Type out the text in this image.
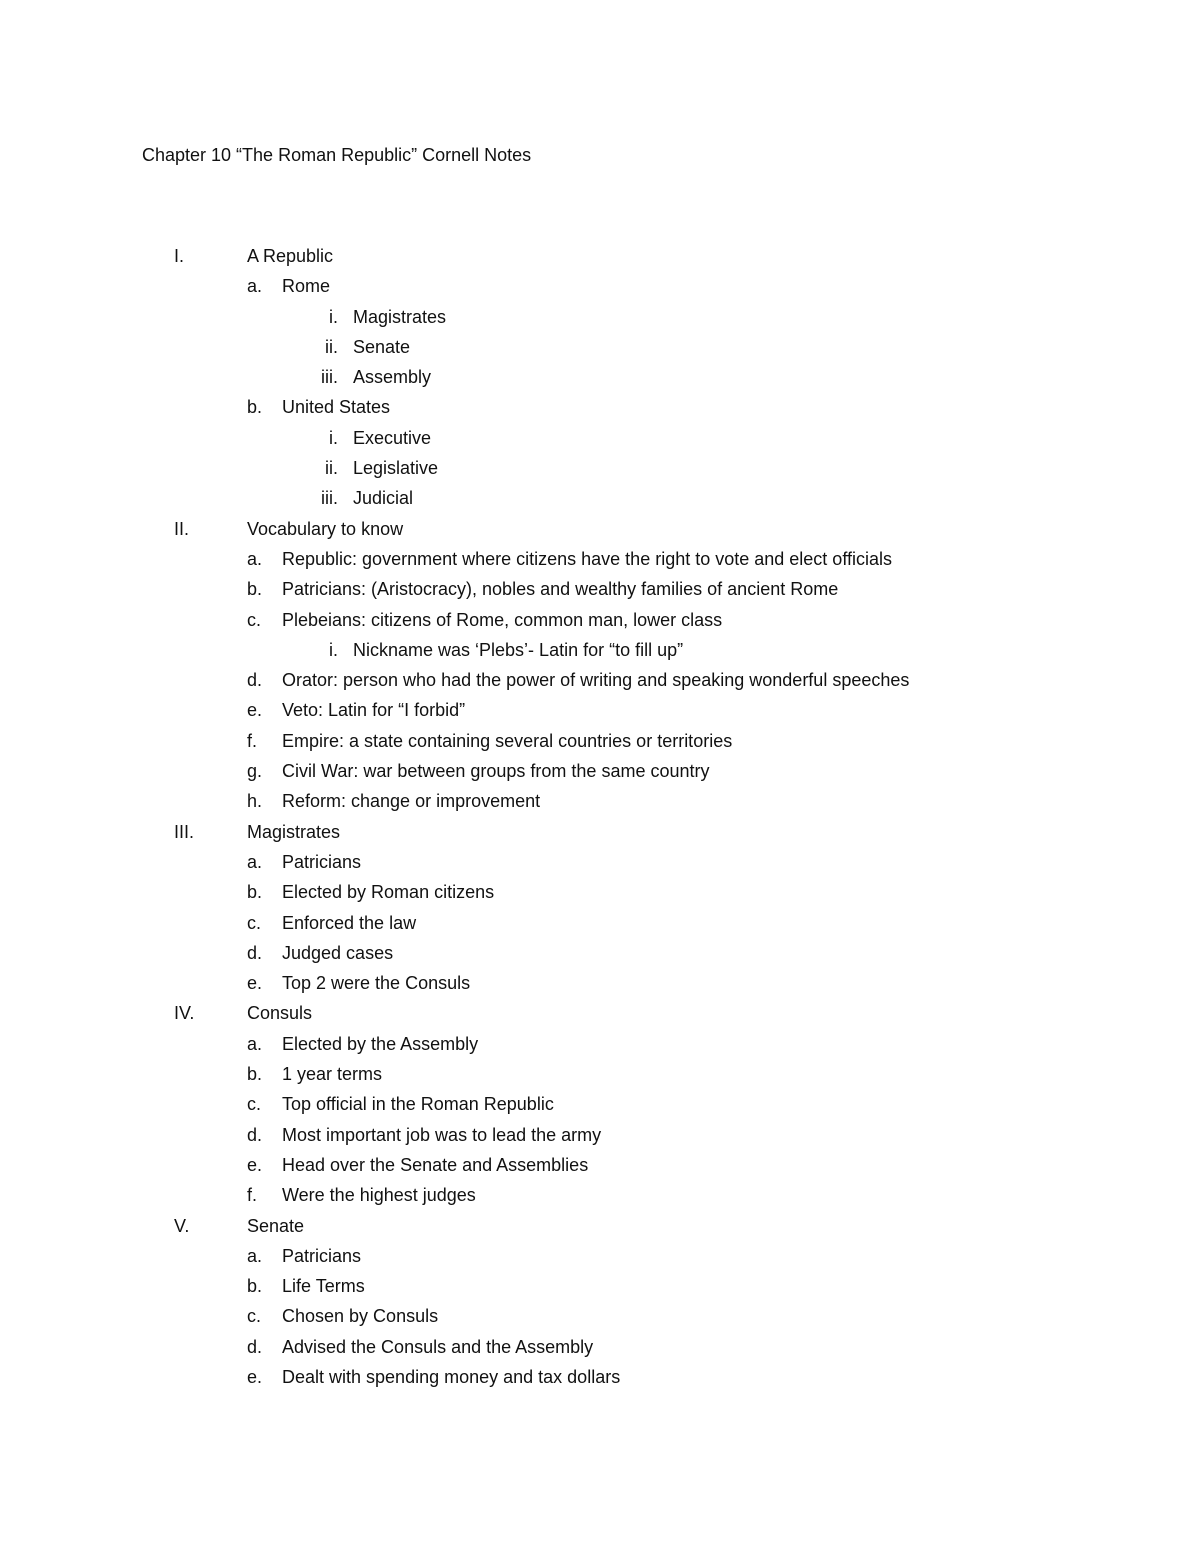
Chapter 10 “The Roman Republic” Cornell Notes
I.	A Republic
a. Rome
i. Magistrates
ii. Senate
iii. Assembly
b. United States
i. Executive
ii. Legislative
iii. Judicial
II.	Vocabulary to know
a. Republic: government where citizens have the right to vote and elect officials
b. Patricians: (Aristocracy), nobles and wealthy families of ancient Rome
c. Plebeians: citizens of Rome, common man, lower class
i. Nickname was ‘Plebs’- Latin for “to fill up”
d. Orator: person who had the power of writing and speaking wonderful speeches
e. Veto: Latin for “I forbid”
f. Empire: a state containing several countries or territories
g. Civil War: war between groups from the same country
h. Reform: change or improvement
III.	Magistrates
a. Patricians
b. Elected by Roman citizens
c. Enforced the law
d. Judged cases
e. Top 2 were the Consuls
IV.	Consuls
a. Elected by the Assembly
b. 1 year terms
c. Top official in the Roman Republic
d. Most important job was to lead the army
e. Head over the Senate and Assemblies
f. Were the highest judges
V.	Senate
a. Patricians
b. Life Terms
c. Chosen by Consuls
d. Advised the Consuls and the Assembly
e. Dealt with spending money and tax dollars
